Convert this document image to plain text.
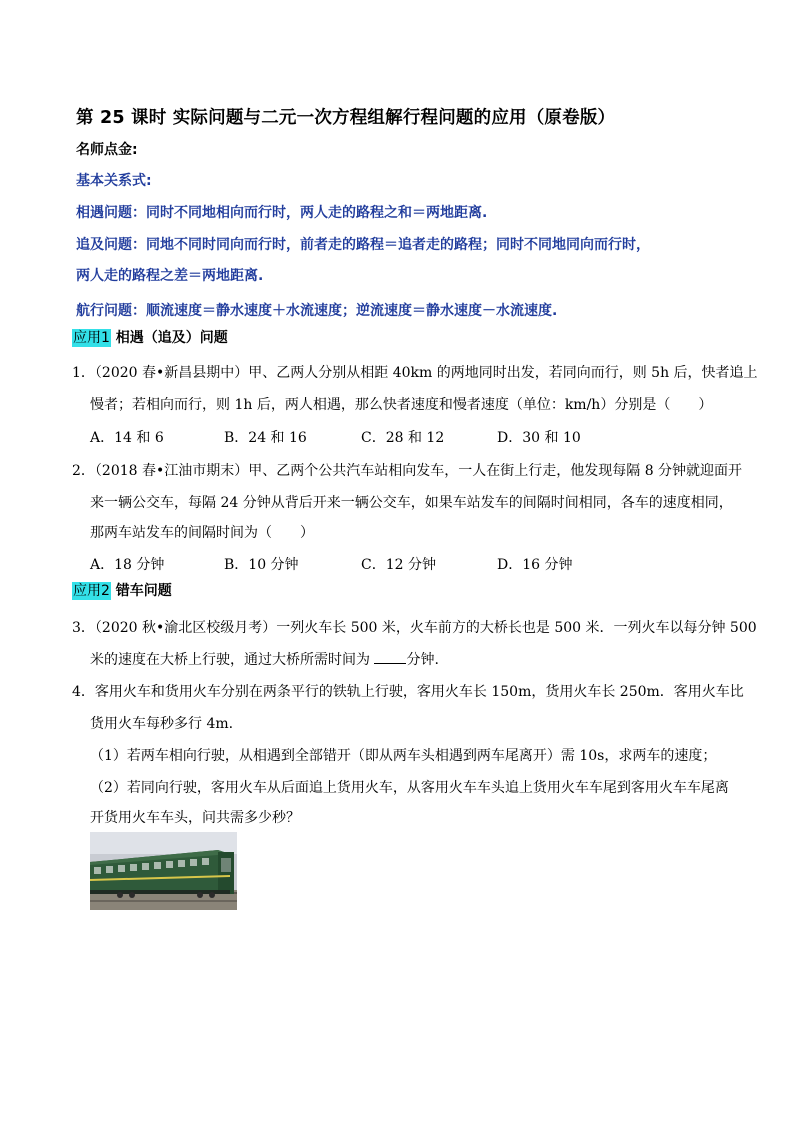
第 25 课时 实际问题与二元一次方程组解行程问题的应用（原卷版）
名师点金:
基本关系式:
相遇问题：同时不同地相向而行时，两人走的路程之和＝两地距离.
追及问题：同地不同时同向而行时，前者走的路程＝追者走的路程；同时不同地同向而行时，
两人走的路程之差＝两地距离.
航行问题：顺流速度＝静水速度＋水流速度；逆流速度＝静水速度－水流速度.
应用1 相遇（追及）问题
1．（2020 春•新昌县期中）甲、乙两人分别从相距 40km 的两地同时出发，若同向而行，则 5h 后，快者追上
慢者；若相向而行，则 1h 后，两人相遇，那么快者速度和慢者速度（单位：km/h）分别是（　　）
A．14 和 6	B．24 和 16	C．28 和 12	D．30 和 10
2．（2018 春•江油市期末）甲、乙两个公共汽车站相向发车，一人在街上行走，他发现每隔 8 分钟就迎面开
来一辆公交车，每隔 24 分钟从背后开来一辆公交车，如果车站发车的间隔时间相同，各车的速度相同，
那两车站发车的间隔时间为（　　）
A．18 分钟	B．10 分钟	C．12 分钟	D．16 分钟
应用2 错车问题
3．（2020 秋•渝北区校级月考）一列火车长 500 米，火车前方的大桥长也是 500 米．一列火车以每分钟 500
米的速度在大桥上行驶，通过大桥所需时间为 分钟.
4．客用火车和货用火车分别在两条平行的铁轨上行驶，客用火车长 150m，货用火车长 250m．客用火车比
货用火车每秒多行 4m.
（1）若两车相向行驶，从相遇到全部错开（即从两车头相遇到两车尾离开）需 10s，求两车的速度；
（2）若同向行驶，客用火车从后面追上货用火车，从客用火车车头追上货用火车车尾到客用火车车尾离
开货用火车车头，问共需多少秒？
